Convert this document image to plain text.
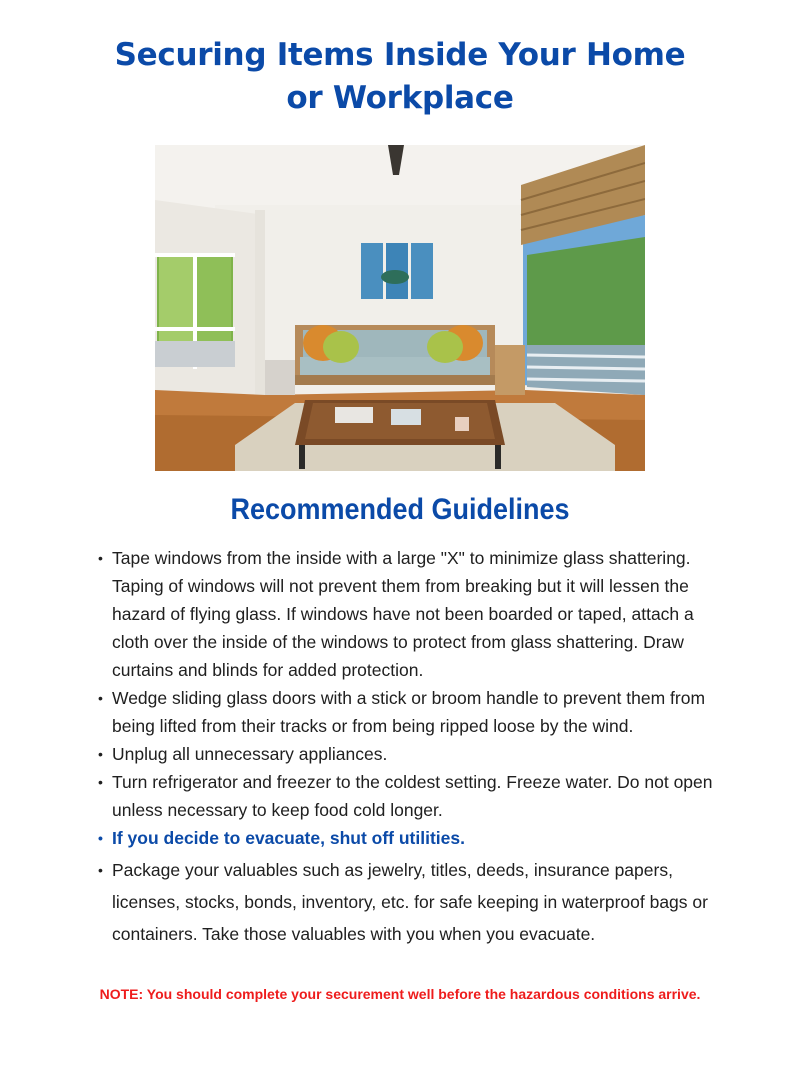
Securing Items Inside Your Home
or Workplace
Recommended Guidelines
• Tape windows from the inside with a large "X" to minimize glass shattering. Taping of windows will not prevent them from breaking but it will lessen the hazard of flying glass. If windows have not been boarded or taped, attach a cloth over the inside of the windows to protect from glass shattering. Draw curtains and blinds for added protection.
• Wedge sliding glass doors with a stick or broom handle to prevent them from being lifted from their tracks or from being ripped loose by the wind.
• Unplug all unnecessary appliances.
• Turn refrigerator and freezer to the coldest setting. Freeze water. Do not open unless necessary to keep food cold longer.
• If you decide to evacuate, shut off utilities.
• Package your valuables such as jewelry, titles, deeds, insurance papers, licenses, stocks, bonds, inventory, etc. for safe keeping in waterproof bags or containers. Take those valuables with you when you evacuate.

NOTE: You should complete your securement well before the hazardous conditions arrive.
